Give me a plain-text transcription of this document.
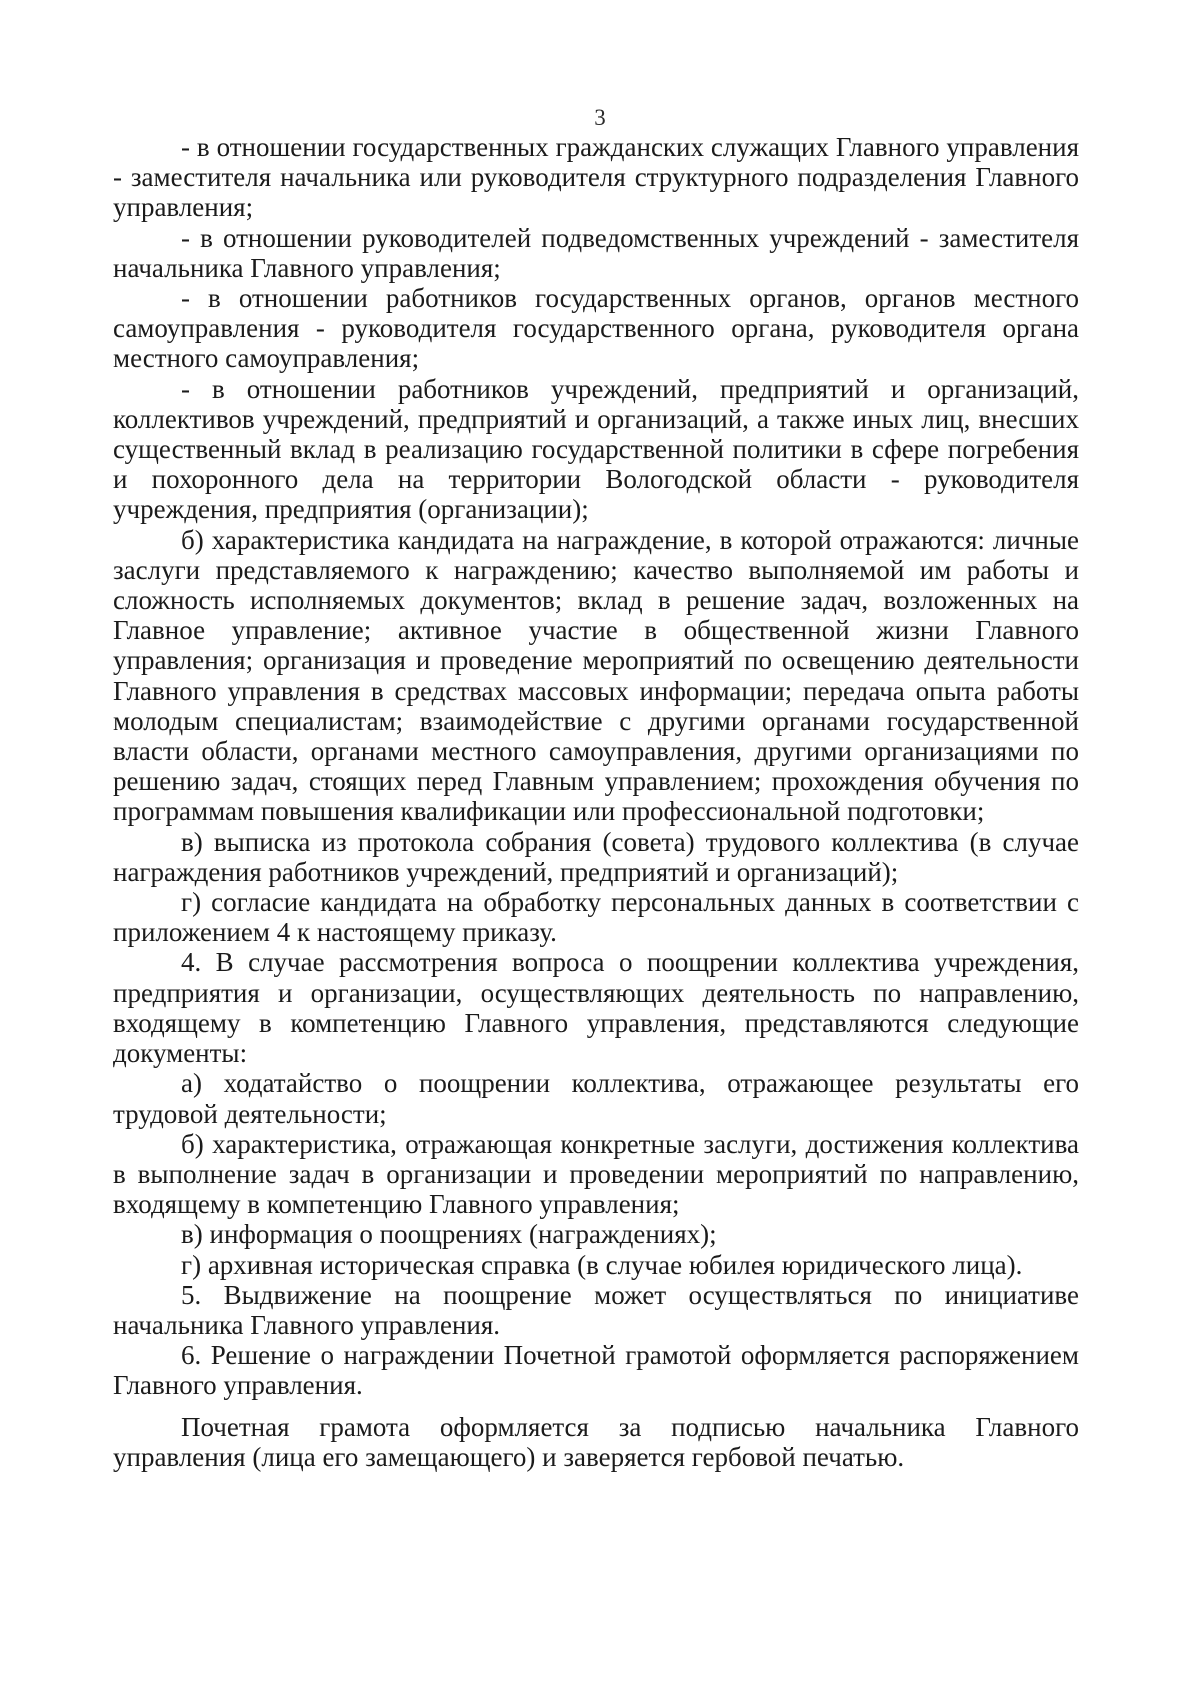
3

- в отношении государственных гражданских служащих Главного управления - заместителя начальника или руководителя структурного подразделения Главного управления;

- в отношении руководителей подведомственных учреждений - заместителя начальника Главного управления;

- в отношении работников государственных органов, органов местного самоуправления - руководителя государственного органа, руководителя органа местного самоуправления;

- в отношении работников учреждений, предприятий и организаций, коллективов учреждений, предприятий и организаций, а также иных лиц, внесших существенный вклад в реализацию государственной политики в сфере погребения и похоронного дела на территории Вологодской области - руководителя учреждения, предприятия (организации);

б) характеристика кандидата на награждение, в которой отражаются: личные заслуги представляемого к награждению; качество выполняемой им работы и сложность исполняемых документов; вклад в решение задач, возложенных на Главное управление; активное участие в общественной жизни Главного управления; организация и проведение мероприятий по освещению деятельности Главного управления в средствах массовых информации; передача опыта работы молодым специалистам; взаимодействие с другими органами государственной власти области, органами местного самоуправления, другими организациями по решению задач, стоящих перед Главным управлением; прохождения обучения по программам повышения квалификации или профессиональной подготовки;

в) выписка из протокола собрания (совета) трудового коллектива (в случае награждения работников учреждений, предприятий и организаций);

г) согласие кандидата на обработку персональных данных в соответствии с приложением 4 к настоящему приказу.

4. В случае рассмотрения вопроса о поощрении коллектива учреждения, предприятия и организации, осуществляющих деятельность по направлению, входящему в компетенцию Главного управления, представляются следующие документы:

а) ходатайство о поощрении коллектива, отражающее результаты его трудовой деятельности;

б) характеристика, отражающая конкретные заслуги, достижения коллектива в выполнение задач в организации и проведении мероприятий по направлению, входящему в компетенцию Главного управления;

в) информация о поощрениях (награждениях);

г) архивная историческая справка (в случае юбилея юридического лица).

5. Выдвижение на поощрение может осуществляться по инициативе начальника Главного управления.

6. Решение о награждении Почетной грамотой оформляется распоряжением Главного управления.

Почетная грамота оформляется за подписью начальника Главного управления (лица его замещающего) и заверяется гербовой печатью.
